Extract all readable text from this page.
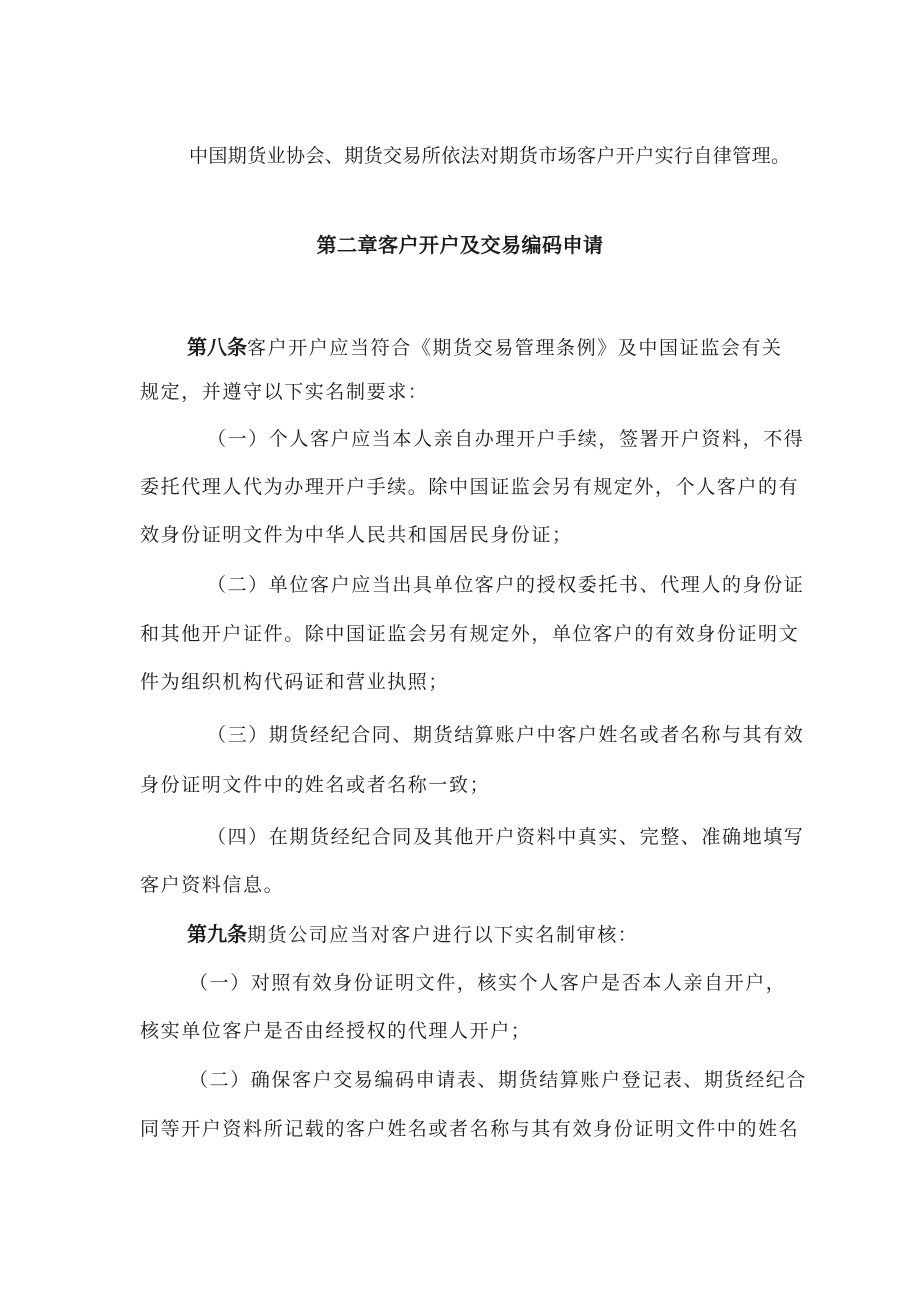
中国期货业协会、期货交易所依法对期货市场客户开户实行自律管理。
第二章客户开户及交易编码申请
第八条客户开户应当符合《期货交易管理条例》及中国证监会有关
规定，并遵守以下实名制要求：
（一）个人客户应当本人亲自办理开户手续，签署开户资料，不得
委托代理人代为办理开户手续。除中国证监会另有规定外，个人客户的有
效身份证明文件为中华人民共和国居民身份证；
（二）单位客户应当出具单位客户的授权委托书、代理人的身份证
和其他开户证件。除中国证监会另有规定外，单位客户的有效身份证明文
件为组织机构代码证和营业执照；
（三）期货经纪合同、期货结算账户中客户姓名或者名称与其有效
身份证明文件中的姓名或者名称一致；
（四）在期货经纪合同及其他开户资料中真实、完整、准确地填写
客户资料信息。
第九条期货公司应当对客户进行以下实名制审核：
（一）对照有效身份证明文件，核实个人客户是否本人亲自开户，
核实单位客户是否由经授权的代理人开户；
（二）确保客户交易编码申请表、期货结算账户登记表、期货经纪合
同等开户资料所记载的客户姓名或者名称与其有效身份证明文件中的姓名
